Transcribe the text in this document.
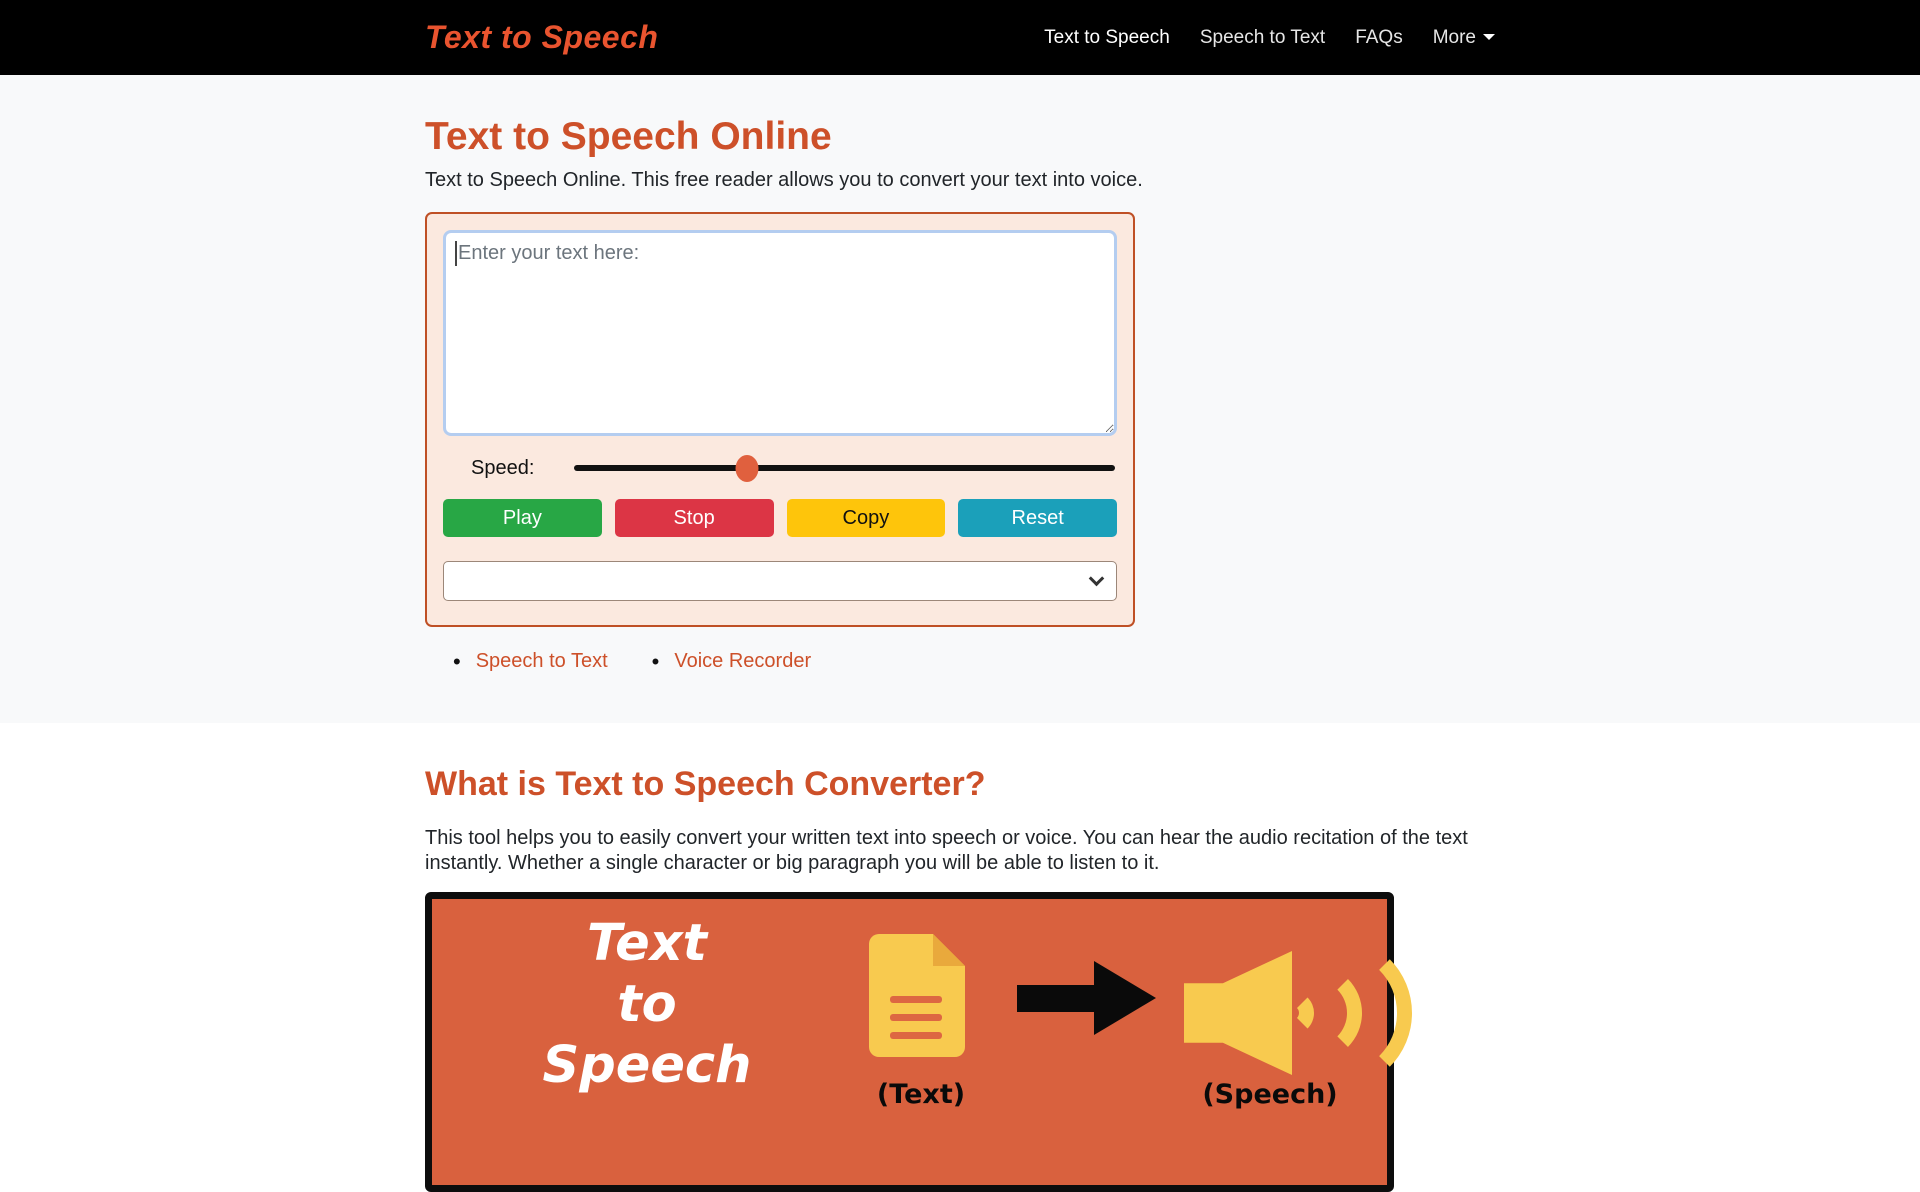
Text to Speech	Text to Speech Speech to Text FAQs More
Text to Speech Online

Text to Speech Online. This free reader allows you to convert your text into voice.

Enter your text here:
Speed:
Play	Stop	Copy	Reset
• Speech to Text • Voice Recorder
What is Text to Speech Converter?

This tool helps you to easily convert your written text into speech or voice. You can hear the audio recitation of the text instantly. Whether a single character or big paragraph you will be able to listen to it.

Text
to
Speech	(Text)	(Speech)
